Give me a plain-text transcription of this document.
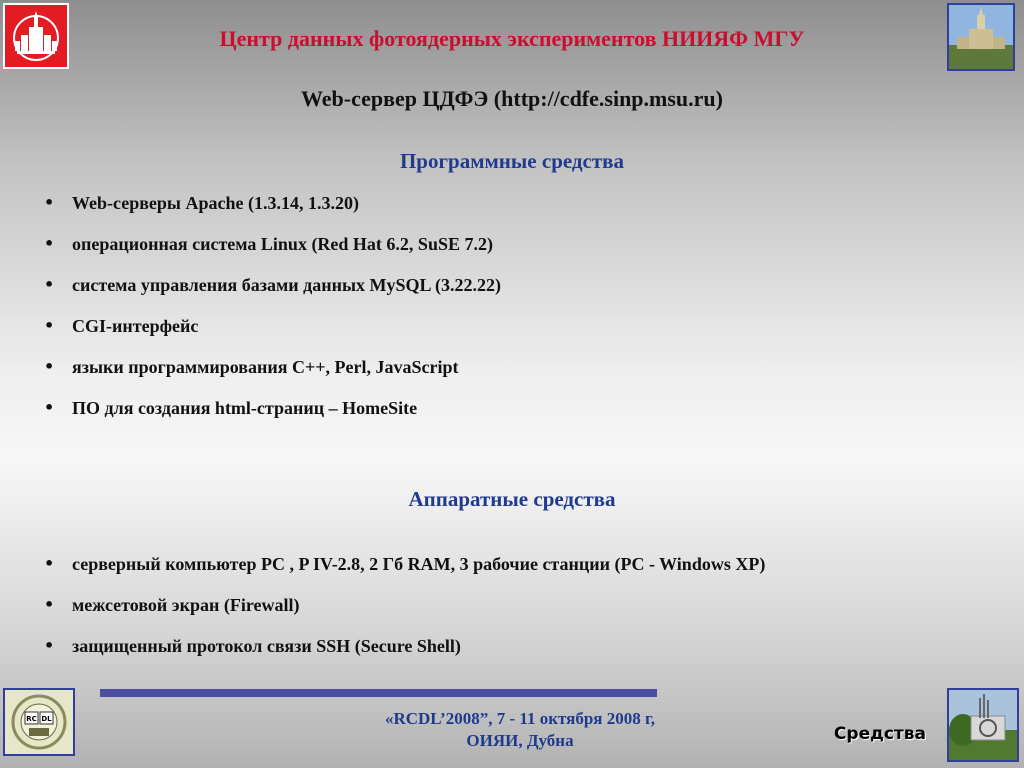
Центр данных фотоядерных экспериментов НИИЯФ МГУ
Web-сервер ЦДФЭ (http://cdfe.sinp.msu.ru)
Программные средства
• Web-серверы Apache (1.3.14, 1.3.20)
• операционная система Linux (Red Hat 6.2, SuSE 7.2)
• система управления базами данных MySQL (3.22.22)
• CGI-интерфейс
• языки программирования С++, Perl, JavaScript
• ПО для создания html-страниц – HomeSite
Аппаратные средства
• серверный компьютер PC , P IV-2.8, 2 Гб RAM, 3 рабочие станции (PC - Windows XP)
• межсетовой экран (Firewall)
• защищенный протокол связи SSH (Secure Shell)
RC DL	«RCDL’2008”, 7 - 11 октября 2008 г,
ОИЯИ, Дубна	Средства
